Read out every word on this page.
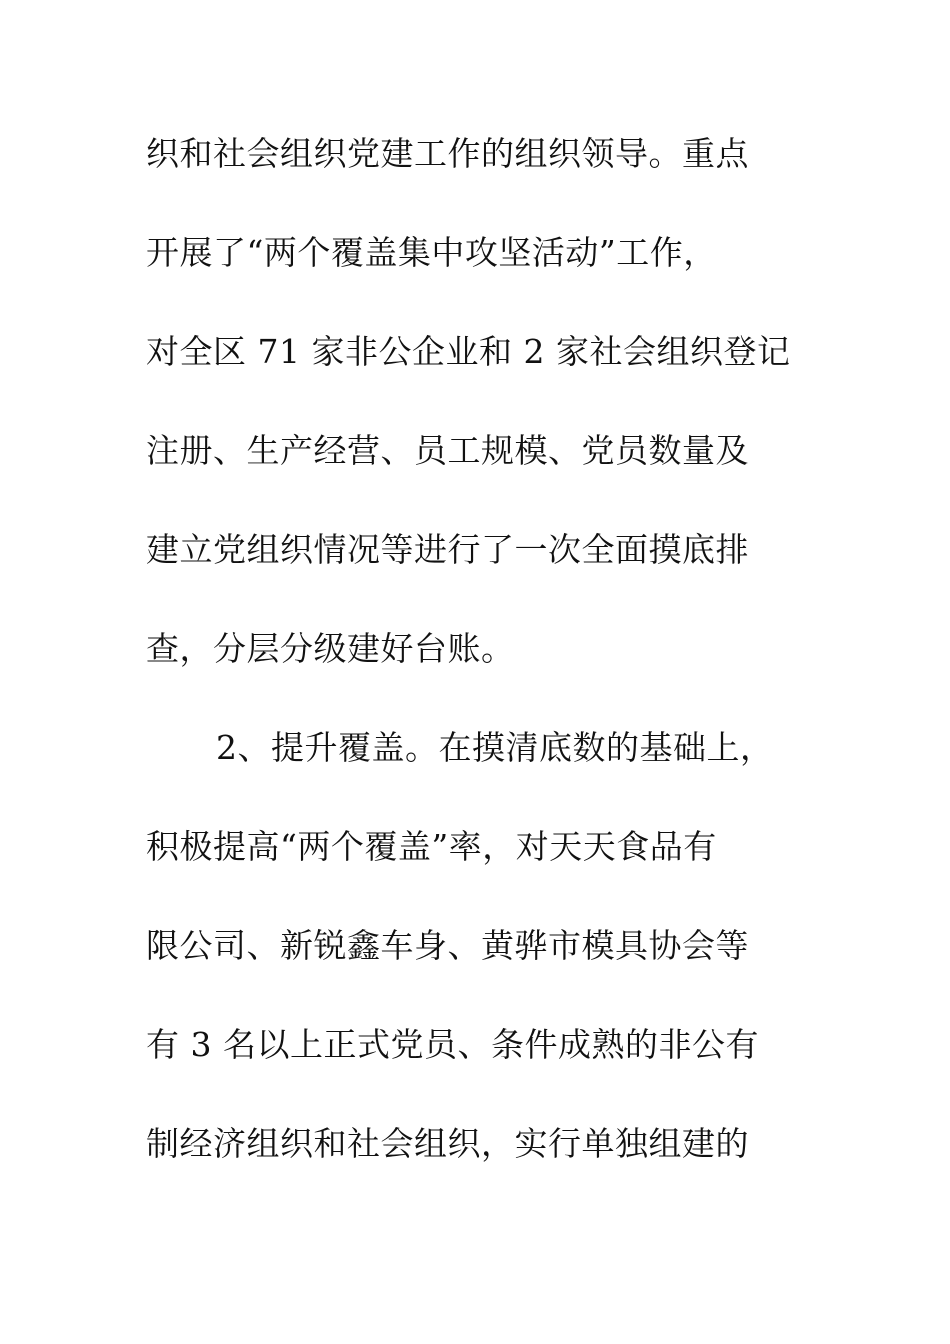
织和社会组织党建工作的组织领导。重点
开展了“两个覆盖集中攻坚活动”工作，
对全区 71 家非公企业和 2 家社会组织登记
注册、生产经营、员工规模、党员数量及
建立党组织情况等进行了一次全面摸底排
查，分层分级建好台账。
2、提升覆盖。在摸清底数的基础上，
积极提高“两个覆盖”率，对天天食品有
限公司、新锐鑫车身、黄骅市模具协会等
有 3 名以上正式党员、条件成熟的非公有
制经济组织和社会组织，实行单独组建的
